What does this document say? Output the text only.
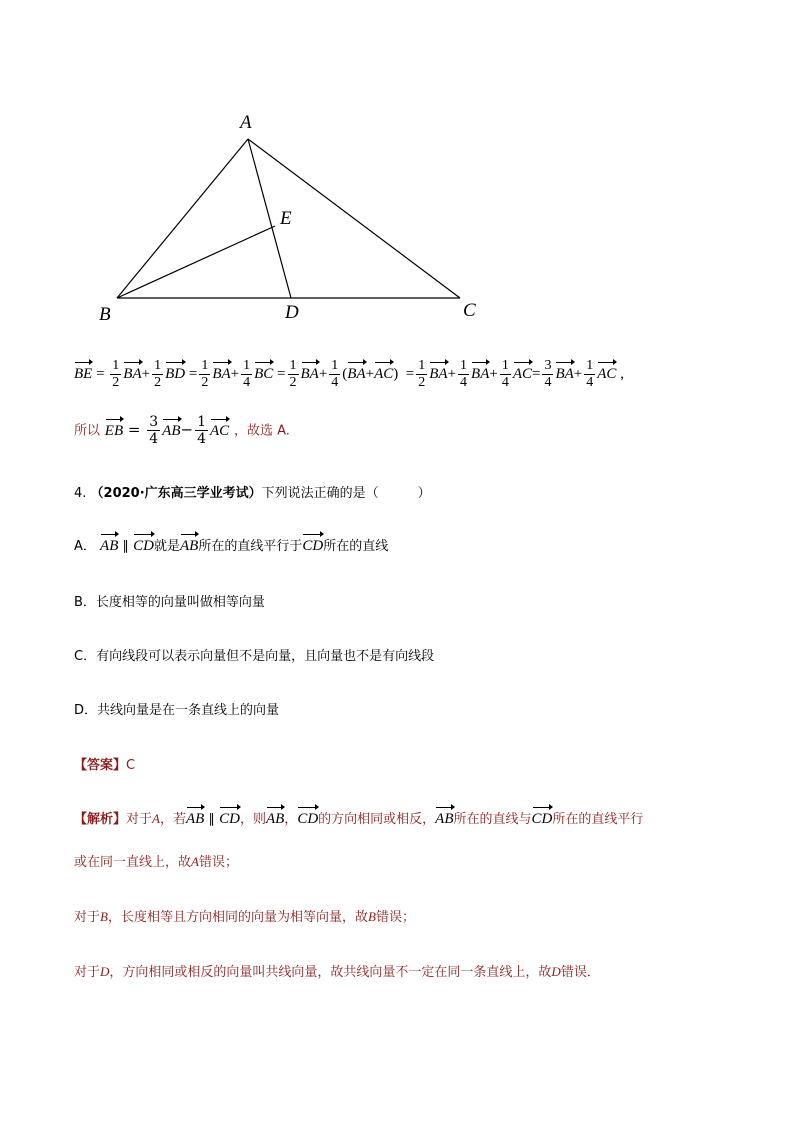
A
E
B	D	C
BE = $\frac{1}{2} BA+ \frac{1}{2}$ BD = $\frac{1}{2} BA+ \frac{1}{4}$ BC = $\frac{1}{2} BA+ \frac{1}{4} (BA+AC) = \frac{1}{2} BA+ \frac{1}{4} BA+ \frac{1}{4} AC= \frac{3}{4} BA+ \frac{1}{4}$ AC ,
所以 EB = $\frac{3}{4} AB- \frac{1}{4}$ AC ，故选 A.
4. （2020·广东高三学业考试）下列说法正确的是（　　　）
A． AB ∥ CD就是AB所在的直线平行于CD所在的直线
B．长度相等的向量叫做相等向量
C．有向线段可以表示向量但不是向量，且向量也不是有向线段
D．共线向量是在一条直线上的向量
【答案】C
【解析】对于A，若AB ∥ CD，则AB，CD的方向相同或相反，AB所在的直线与CD所在的直线平行
或在同一直线上，故A错误；
对于B，长度相等且方向相同的向量为相等向量，故B错误；
对于D，方向相同或相反的向量叫共线向量，故共线向量不一定在同一条直线上，故D错误．
